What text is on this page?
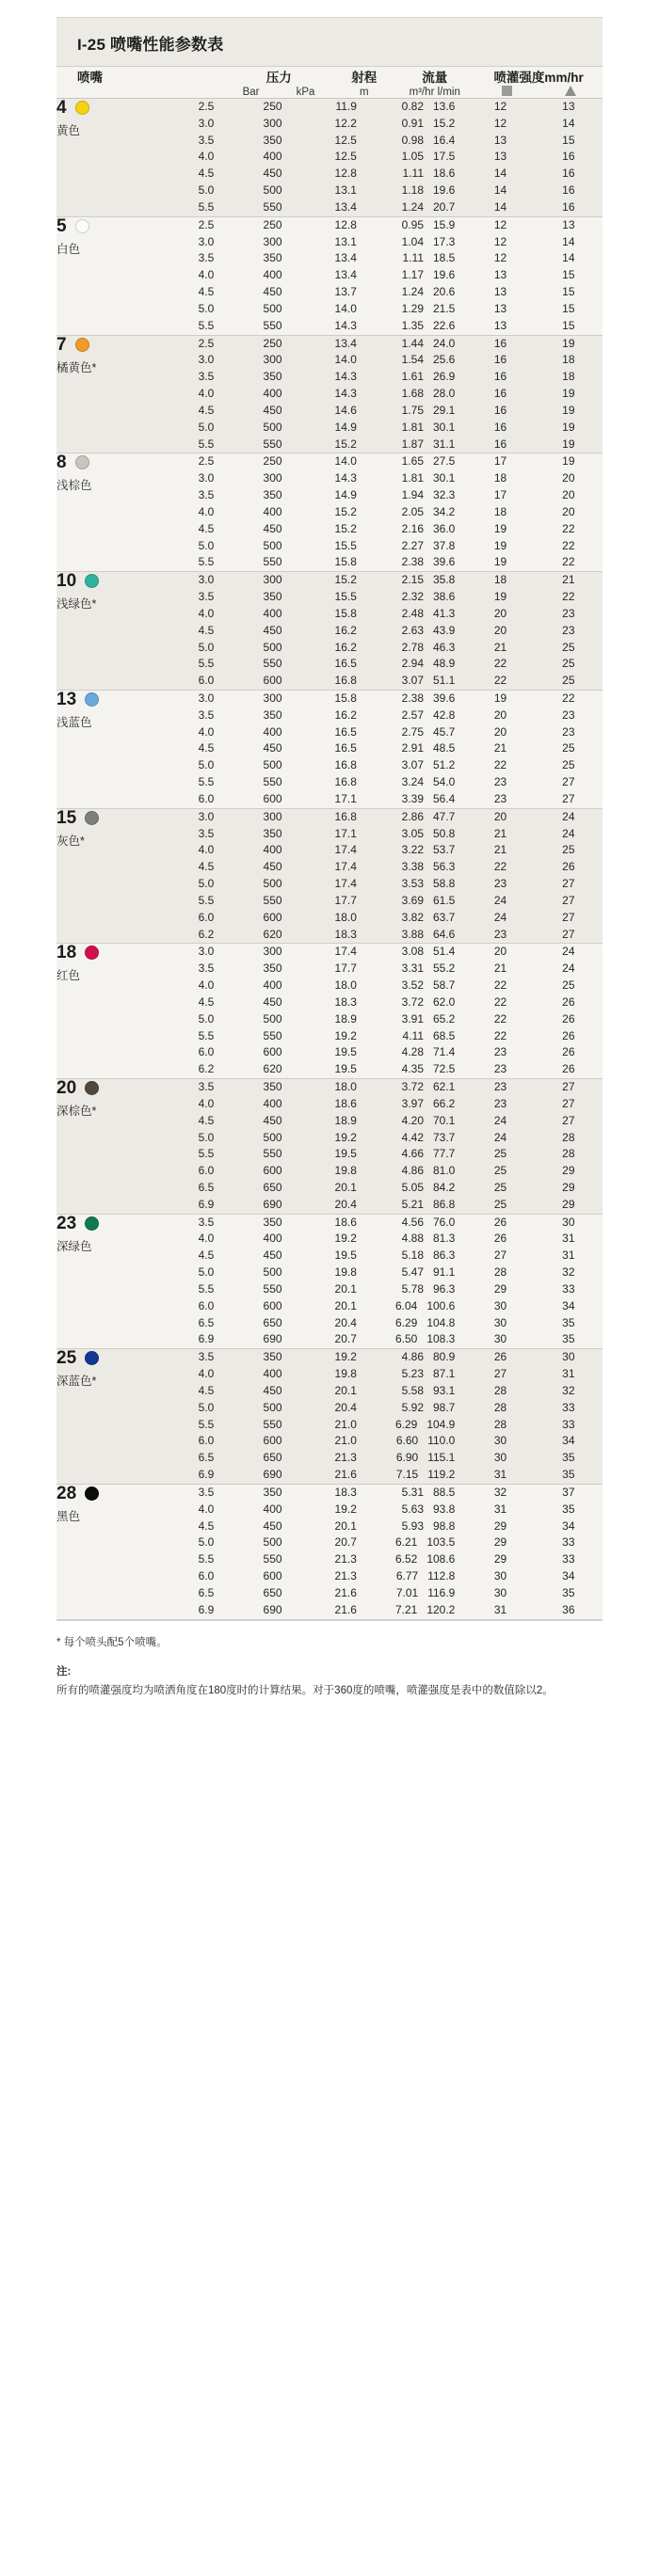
I-25 喷嘴性能参数表
喷嘴	压力		射程	流量	喷灌强度mm/hr	
	Bar	kPa	m	m³/hr l/min		
4
黄色

2.5	250	11.9	0.82   13.6	12	13
3.0	300	12.2	0.91   15.2	12	14
3.5	350	12.5	0.98   16.4	13	15
4.0	400	12.5	1.05   17.5	13	16
4.5	450	12.8	1.11   18.6	14	16
5.0	500	13.1	1.18   19.6	14	16
5.5	550	13.4	1.24   20.7	14	16
5
白色

2.5	250	12.8	0.95   15.9	12	13
3.0	300	13.1	1.04   17.3	12	14
3.5	350	13.4	1.11   18.5	12	14
4.0	400	13.4	1.17   19.6	13	15
4.5	450	13.7	1.24   20.6	13	15
5.0	500	14.0	1.29   21.5	13	15
5.5	550	14.3	1.35   22.6	13	15
7
橘黄色*

2.5	250	13.4	1.44   24.0	16	19
3.0	300	14.0	1.54   25.6	16	18
3.5	350	14.3	1.61   26.9	16	18
4.0	400	14.3	1.68   28.0	16	19
4.5	450	14.6	1.75   29.1	16	19
5.0	500	14.9	1.81   30.1	16	19
5.5	550	15.2	1.87   31.1	16	19
8
浅棕色

2.5	250	14.0	1.65   27.5	17	19
3.0	300	14.3	1.81   30.1	18	20
3.5	350	14.9	1.94   32.3	17	20
4.0	400	15.2	2.05   34.2	18	20
4.5	450	15.2	2.16   36.0	19	22
5.0	500	15.5	2.27   37.8	19	22
5.5	550	15.8	2.38   39.6	19	22
10
浅绿色*

3.0	300	15.2	2.15   35.8	18	21
3.5	350	15.5	2.32   38.6	19	22
4.0	400	15.8	2.48   41.3	20	23
4.5	450	16.2	2.63   43.9	20	23
5.0	500	16.2	2.78   46.3	21	25
5.5	550	16.5	2.94   48.9	22	25
6.0	600	16.8	3.07   51.1	22	25
13
浅蓝色

3.0	300	15.8	2.38   39.6	19	22
3.5	350	16.2	2.57   42.8	20	23
4.0	400	16.5	2.75   45.7	20	23
4.5	450	16.5	2.91   48.5	21	25
5.0	500	16.8	3.07   51.2	22	25
5.5	550	16.8	3.24   54.0	23	27
6.0	600	17.1	3.39   56.4	23	27
15
灰色*

3.0	300	16.8	2.86   47.7	20	24
3.5	350	17.1	3.05   50.8	21	24
4.0	400	17.4	3.22   53.7	21	25
4.5	450	17.4	3.38   56.3	22	26
5.0	500	17.4	3.53   58.8	23	27
5.5	550	17.7	3.69   61.5	24	27
6.0	600	18.0	3.82   63.7	24	27
6.2	620	18.3	3.88   64.6	23	27
18
红色

3.0	300	17.4	3.08   51.4	20	24
3.5	350	17.7	3.31   55.2	21	24
4.0	400	18.0	3.52   58.7	22	25
4.5	450	18.3	3.72   62.0	22	26
5.0	500	18.9	3.91   65.2	22	26
5.5	550	19.2	4.11   68.5	22	26
6.0	600	19.5	4.28   71.4	23	26
6.2	620	19.5	4.35   72.5	23	26
20
深棕色*

3.5	350	18.0	3.72   62.1	23	27
4.0	400	18.6	3.97   66.2	23	27
4.5	450	18.9	4.20   70.1	24	27
5.0	500	19.2	4.42   73.7	24	28
5.5	550	19.5	4.66   77.7	25	28
6.0	600	19.8	4.86   81.0	25	29
6.5	650	20.1	5.05   84.2	25	29
6.9	690	20.4	5.21   86.8	25	29
23
深绿色

3.5	350	18.6	4.56   76.0	26	30
4.0	400	19.2	4.88   81.3	26	31
4.5	450	19.5	5.18   86.3	27	31
5.0	500	19.8	5.47   91.1	28	32
5.5	550	20.1	5.78   96.3	29	33
6.0	600	20.1	6.04   100.6	30	34
6.5	650	20.4	6.29   104.8	30	35
6.9	690	20.7	6.50   108.3	30	35
25
深蓝色*

3.5	350	19.2	4.86   80.9	26	30
4.0	400	19.8	5.23   87.1	27	31
4.5	450	20.1	5.58   93.1	28	32
5.0	500	20.4	5.92   98.7	28	33
5.5	550	21.0	6.29   104.9	28	33
6.0	600	21.0	6.60   110.0	30	34
6.5	650	21.3	6.90   115.1	30	35
6.9	690	21.6	7.15   119.2	31	35
28
黑色

3.5	350	18.3	5.31   88.5	32	37
4.0	400	19.2	5.63   93.8	31	35
4.5	450	20.1	5.93   98.8	29	34
5.0	500	20.7	6.21   103.5	29	33
5.5	550	21.3	6.52   108.6	29	33
6.0	600	21.3	6.77   112.8	30	34
6.5	650	21.6	7.01   116.9	30	35
6.9	690	21.6	7.21   120.2	31	36
* 每个喷头配5个喷嘴。
注:
所有的喷灌强度均为喷洒角度在180度时的计算结果。对于360度的喷嘴，喷灌强度是表中的数值除以2。
